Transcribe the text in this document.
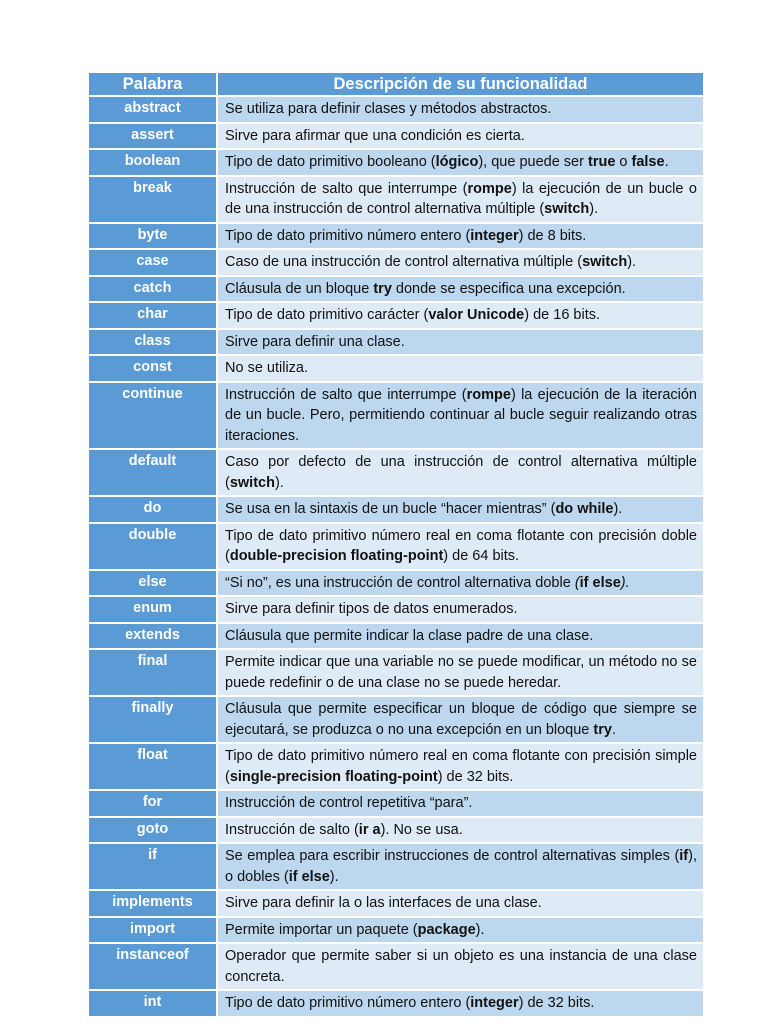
Palabra	Descripción de su funcionalidad
abstract	Se utiliza para definir clases y métodos abstractos.
assert	Sirve para afirmar que una condición es cierta.
boolean	Tipo de dato primitivo booleano (lógico), que puede ser true o false.
break	Instrucción de salto que interrumpe (rompe) la ejecución de un bucle o de una instrucción de control alternativa múltiple (switch).
byte	Tipo de dato primitivo número entero (integer) de 8 bits.
case	Caso de una instrucción de control alternativa múltiple (switch).
catch	Cláusula de un bloque try donde se especifica una excepción.
char	Tipo de dato primitivo carácter (valor Unicode) de 16 bits.
class	Sirve para definir una clase.
const	No se utiliza.
continue	Instrucción de salto que interrumpe (rompe) la ejecución de la iteración de un bucle. Pero, permitiendo continuar al bucle seguir realizando otras iteraciones.
default	Caso por defecto de una instrucción de control alternativa múltiple (switch).
do	Se usa en la sintaxis de un bucle “hacer mientras” (do while).
double	Tipo de dato primitivo número real en coma flotante con precisión doble (double-precision floating-point) de 64 bits.
else	“Si no”, es una instrucción de control alternativa doble (if else).
enum	Sirve para definir tipos de datos enumerados.
extends	Cláusula que permite indicar la clase padre de una clase.
final	Permite indicar que una variable no se puede modificar, un método no se puede redefinir o de una clase no se puede heredar.
finally	Cláusula que permite especificar un bloque de código que siempre se ejecutará, se produzca o no una excepción en un bloque try.
float	Tipo de dato primitivo número real en coma flotante con precisión simple (single-precision floating-point) de 32 bits.
for	Instrucción de control repetitiva “para”.
goto	Instrucción de salto (ir a). No se usa.
if	Se emplea para escribir instrucciones de control alternativas simples (if), o dobles (if else).
implements	Sirve para definir la o las interfaces de una clase.
import	Permite importar un paquete (package).
instanceof	Operador que permite saber si un objeto es una instancia de una clase concreta.
int	Tipo de dato primitivo número entero (integer) de 32 bits.
